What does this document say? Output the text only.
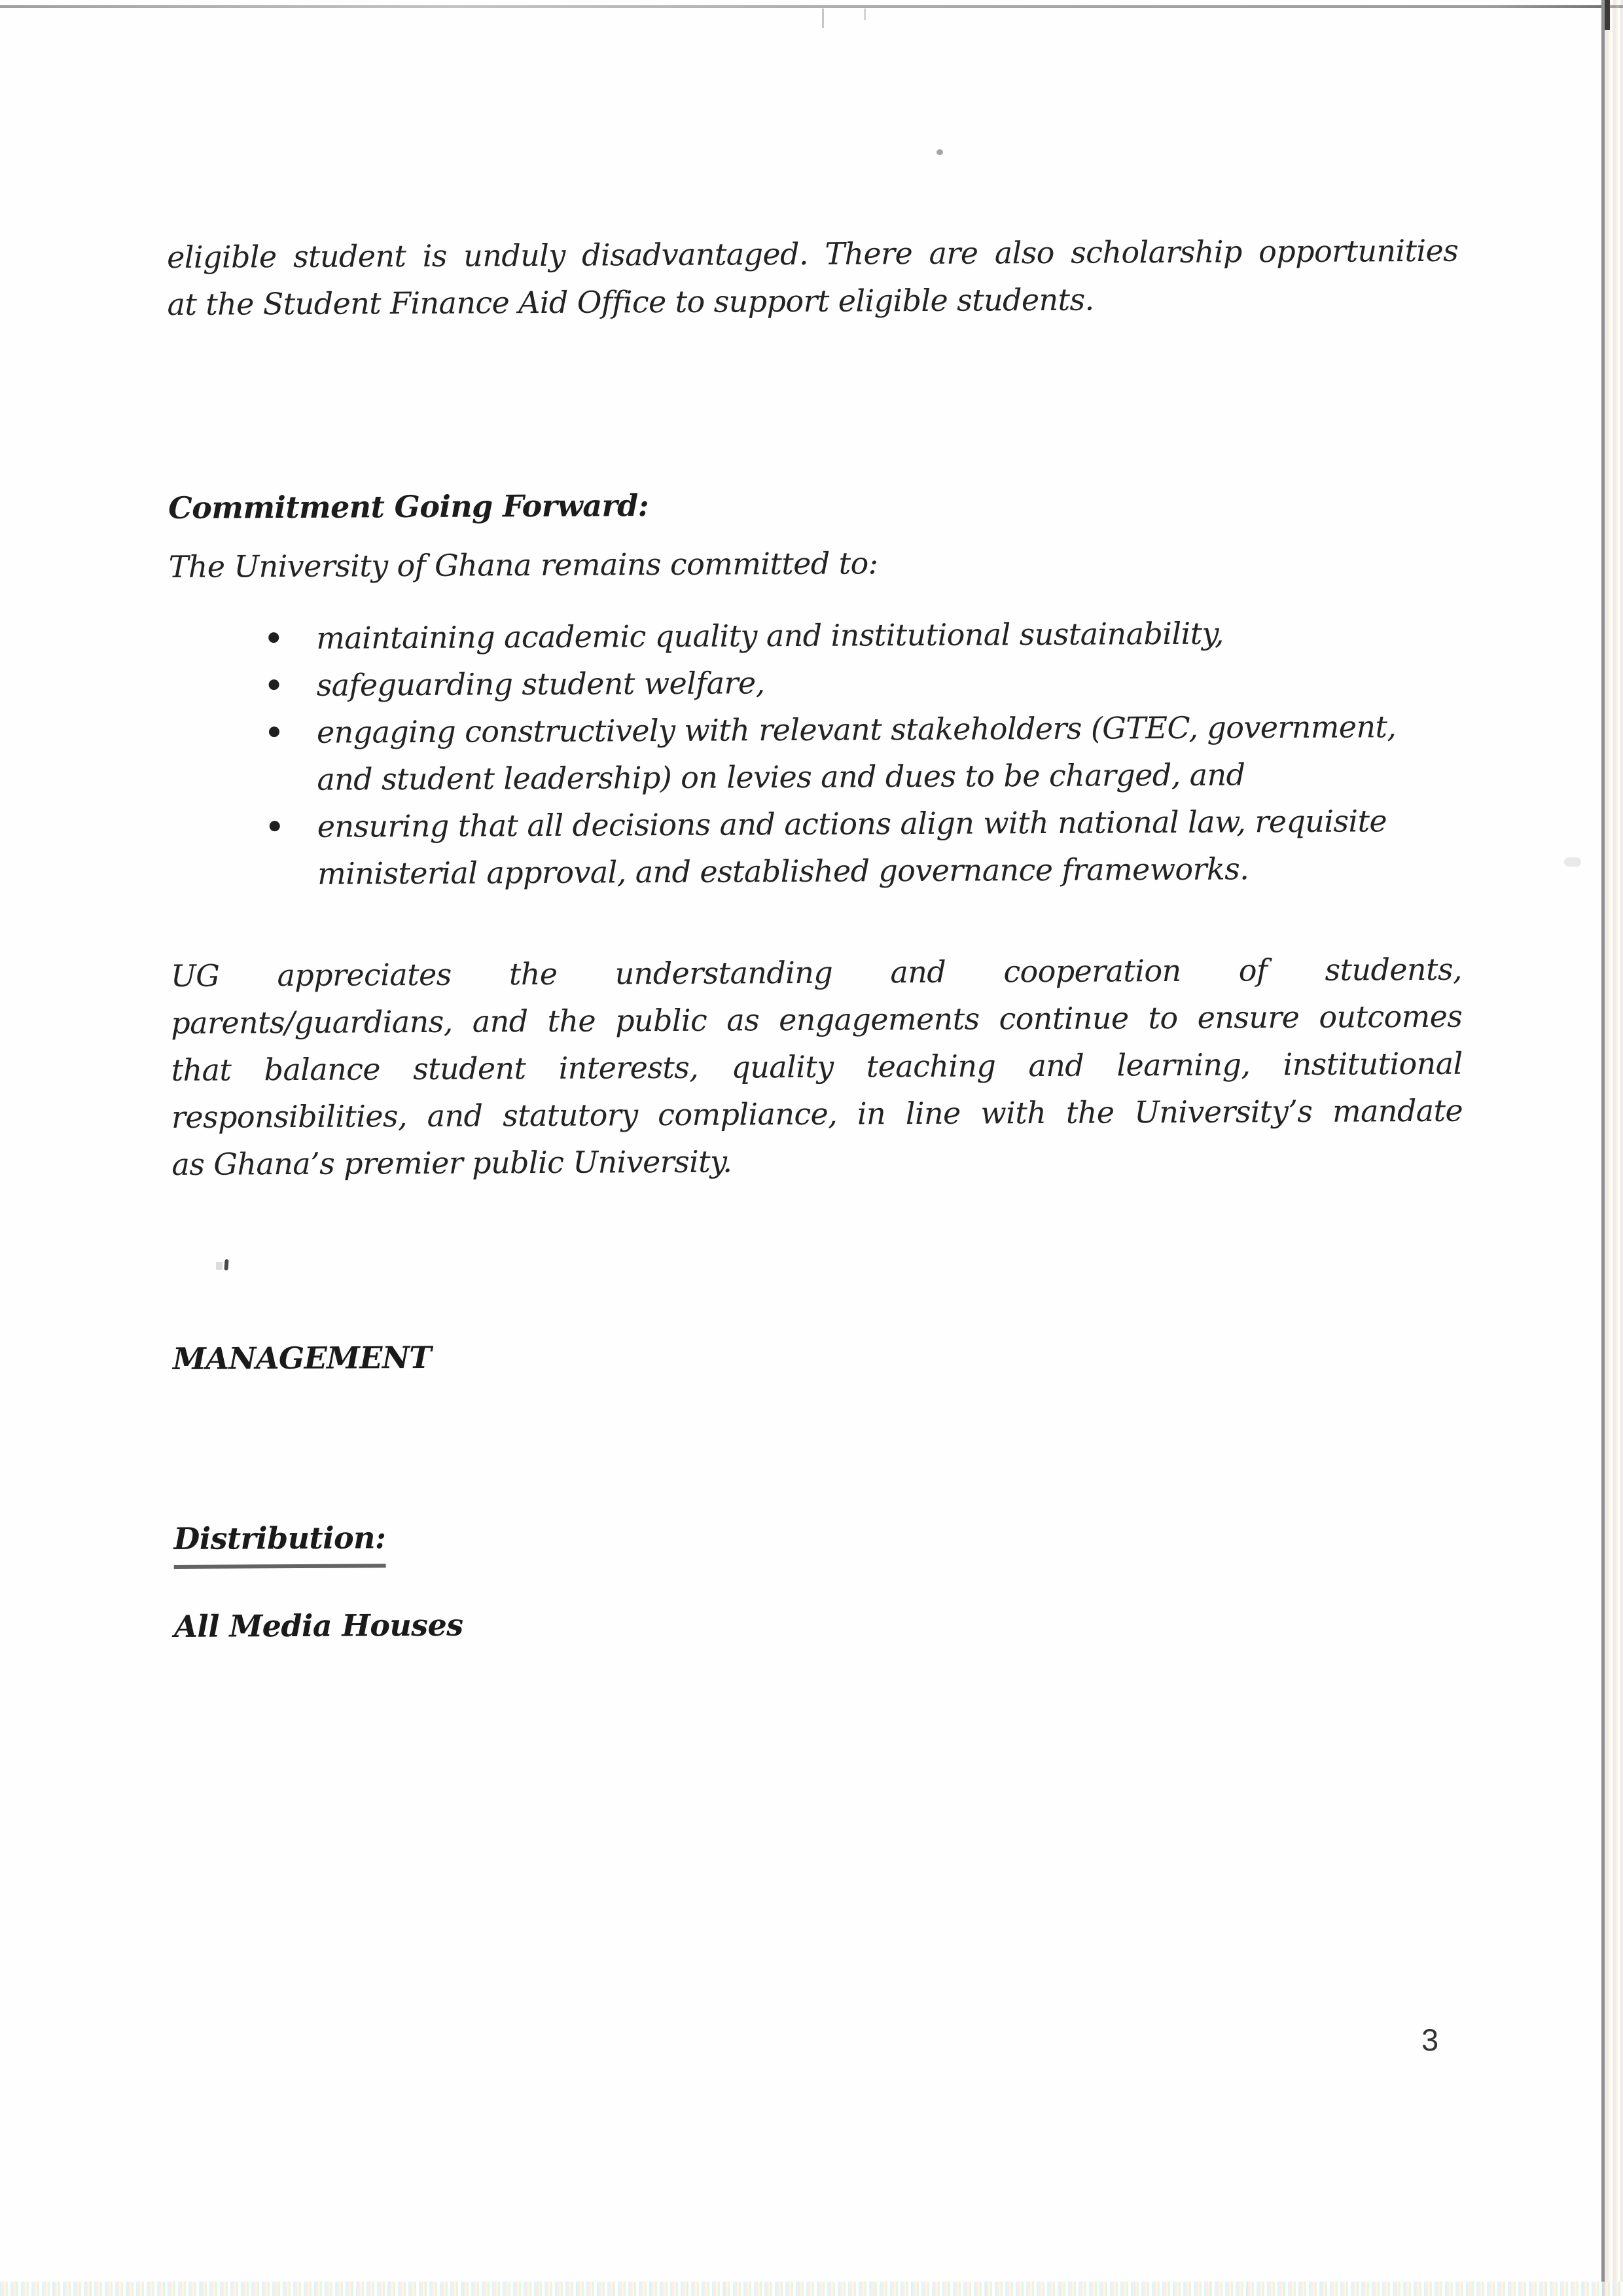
eligible student is unduly disadvantaged. There are also scholarship opportunities
at the Student Finance Aid Office to support eligible students.
Commitment Going Forward:
The University of Ghana remains committed to:
maintaining academic quality and institutional sustainability,
safeguarding student welfare,
engaging constructively with relevant stakeholders (GTEC, government,
and student leadership) on levies and dues to be charged, and
ensuring that all decisions and actions align with national law, requisite
ministerial approval, and established governance frameworks.
UG appreciates the understanding and cooperation of students,
parents/guardians, and the public as engagements continue to ensure outcomes
that balance student interests, quality teaching and learning, institutional
responsibilities, and statutory compliance, in line with the University’s mandate
as Ghana’s premier public University.
MANAGEMENT
Distribution:
All Media Houses
3
